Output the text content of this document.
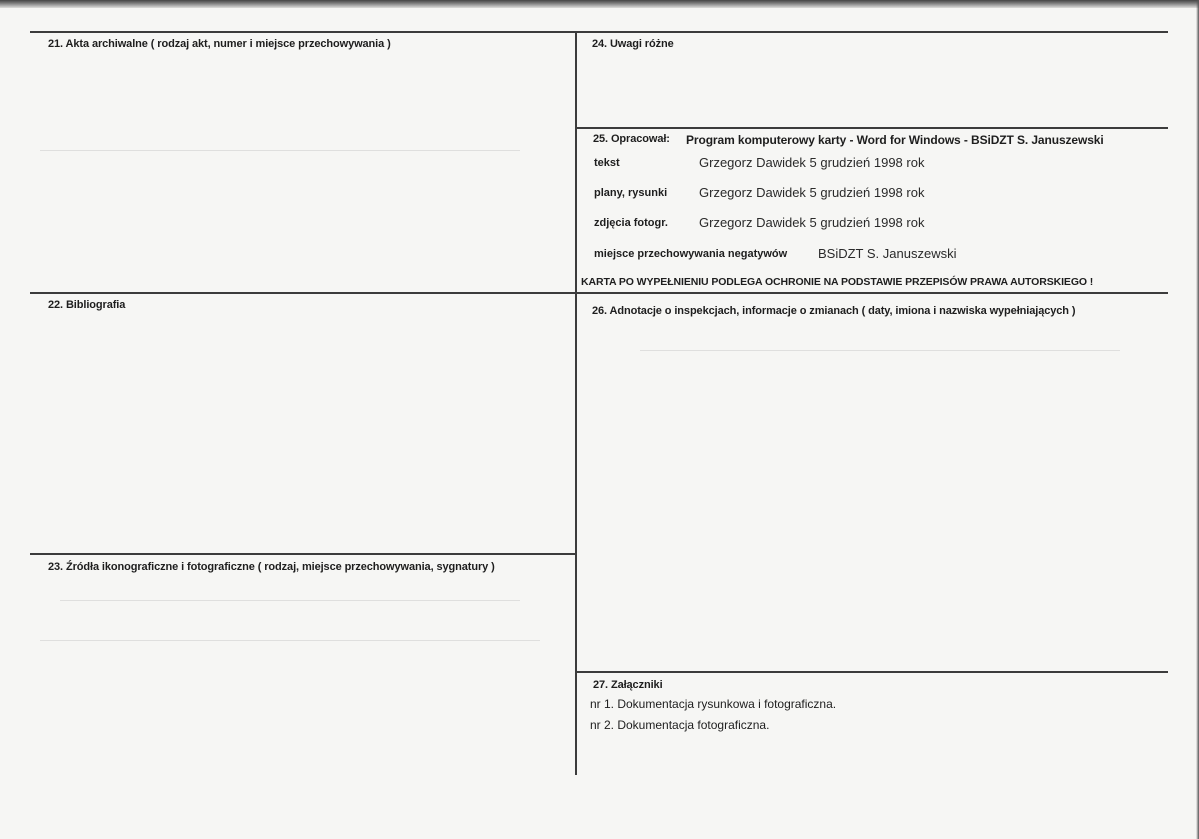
21. Akta archiwalne ( rodzaj akt, numer i miejsce przechowywania )
22. Bibliografia
23. Źródła ikonograficzne i fotograficzne ( rodzaj, miejsce przechowywania, sygnatury )
24. Uwagi różne
25. Opracował: Program komputerowy karty - Word for Windows - BSiDZT S. Januszewski
tekst	Grzegorz Dawidek 5 grudzień 1998 rok
plany, rysunki Grzegorz Dawidek 5 grudzień 1998 rok
zdjęcia fotogr. Grzegorz Dawidek 5 grudzień 1998 rok
miejsce przechowywania negatywów BSiDZT S. Januszewski
KARTA PO WYPEŁNIENIU PODLEGA OCHRONIE NA PODSTAWIE PRZEPISÓW PRAWA AUTORSKIEGO !
26. Adnotacje o inspekcjach, informacje o zmianach ( daty, imiona i nazwiska wypełniających )
27. Załączniki
nr 1. Dokumentacja rysunkowa i fotograficzna.
nr 2. Dokumentacja fotograficzna.
